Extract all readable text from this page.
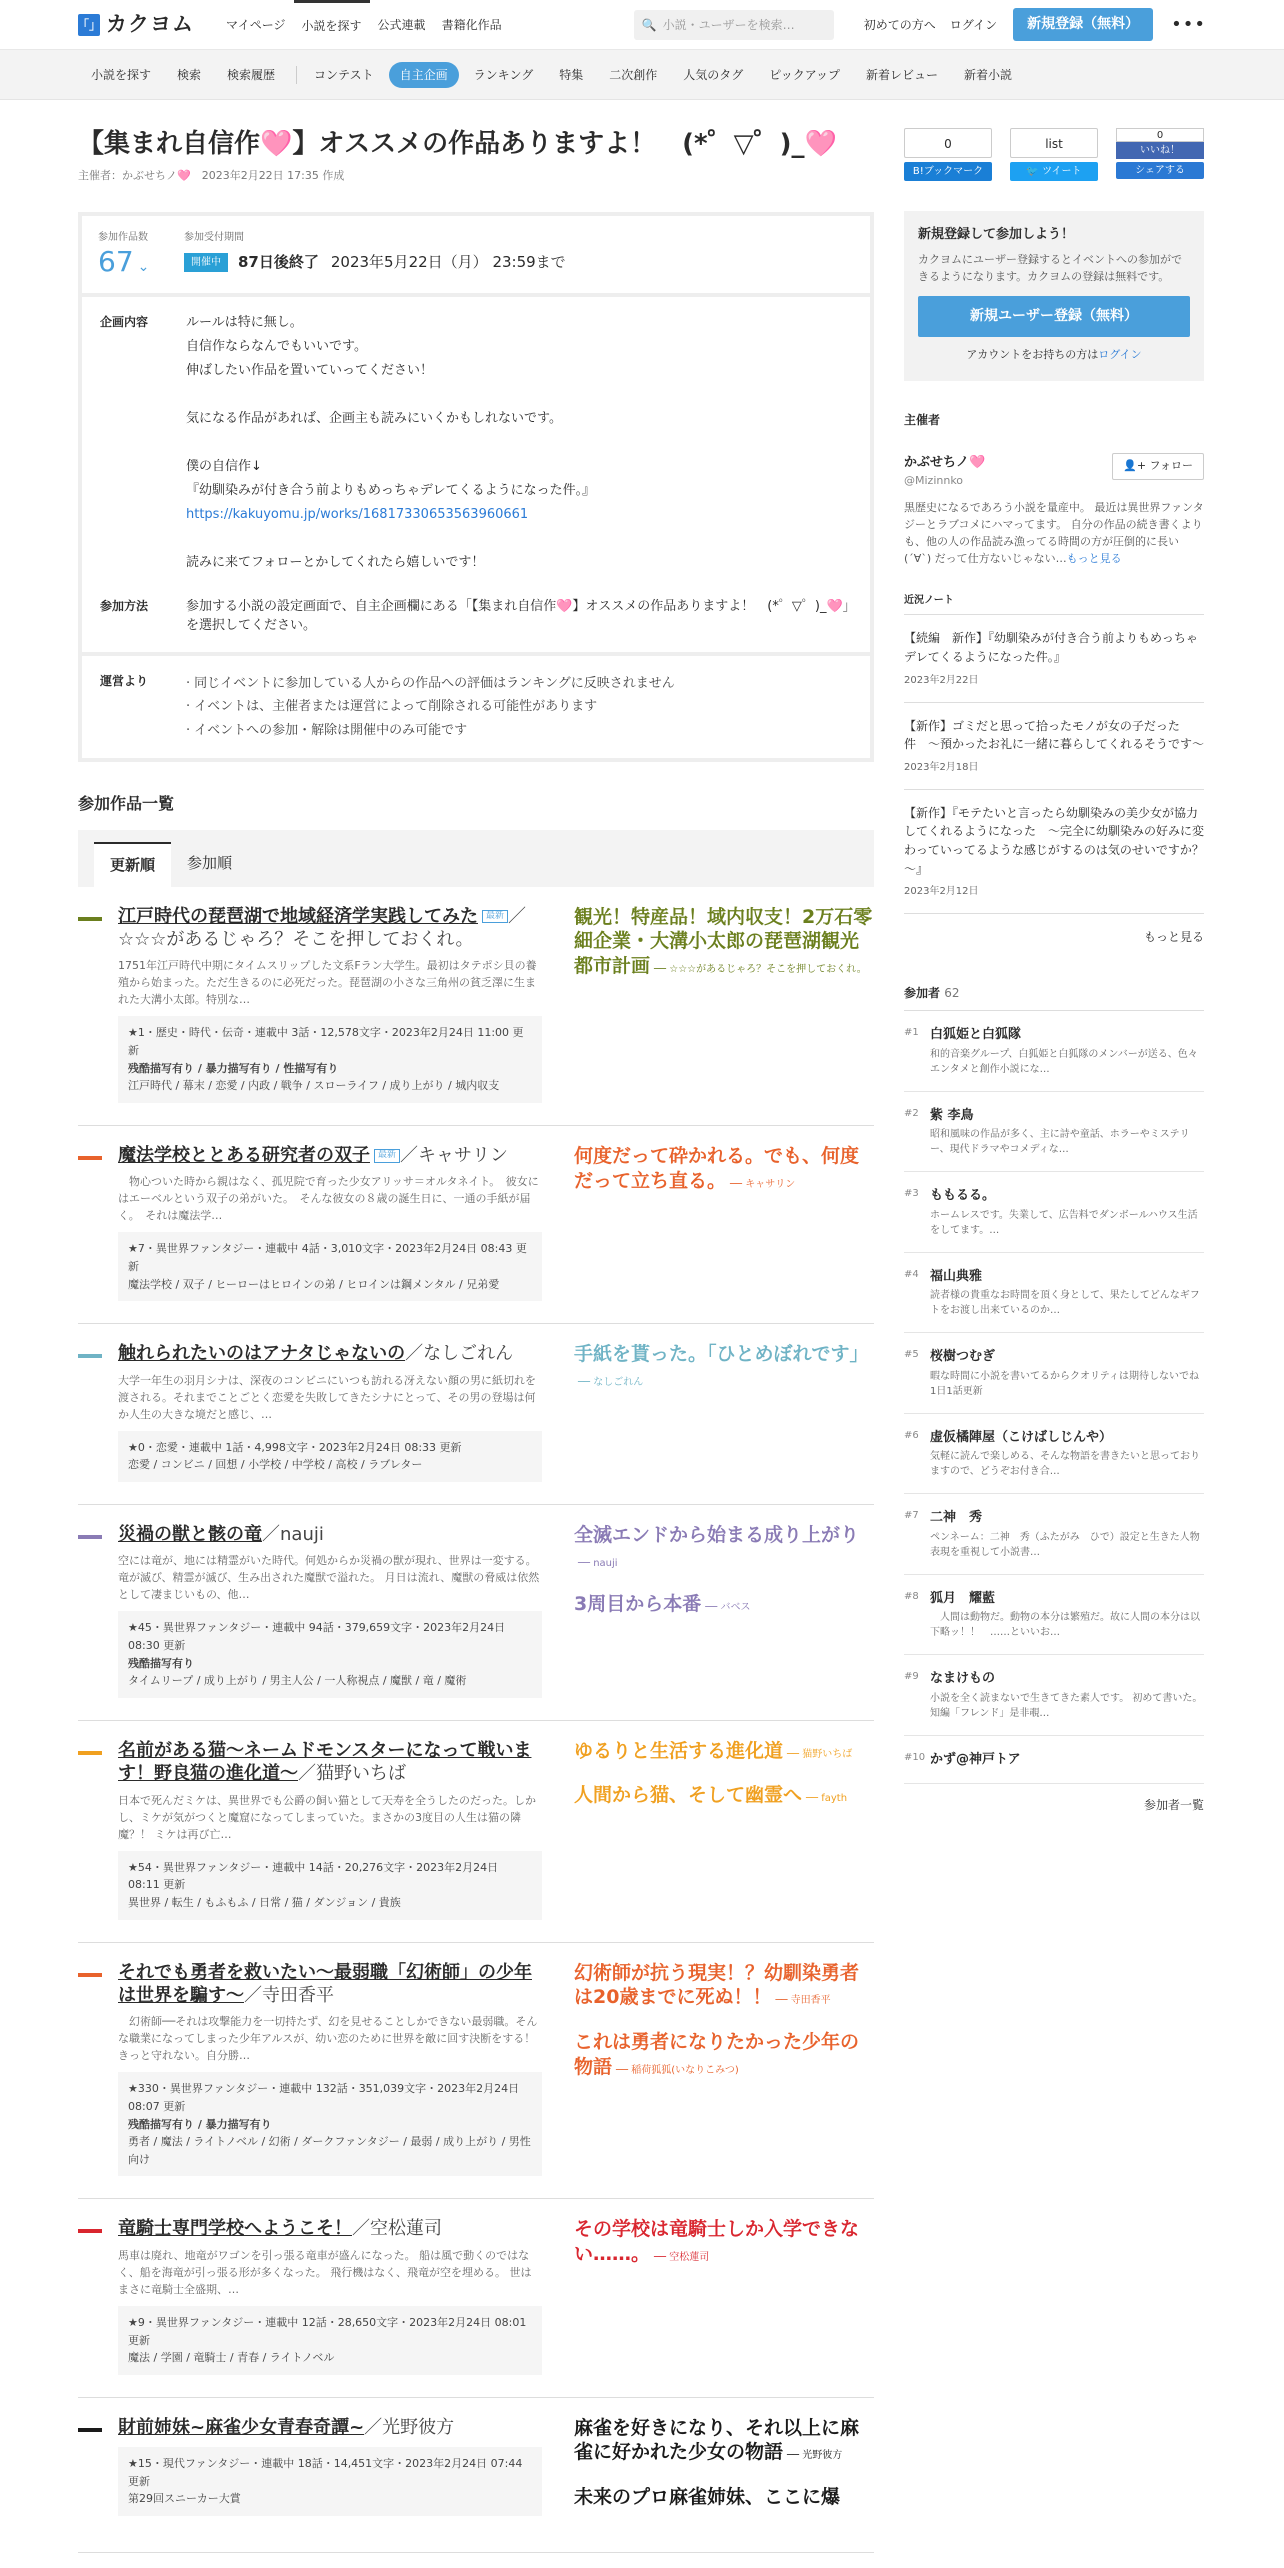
「」 カクヨム	マイページ	小説を探す	公式連載	書籍化作品	🔍 小説・ユーザーを検索…	初めての方へ ログイン	新規登録（無料）	•••
小説を探す	検索	検索履歴	コンテスト	自主企画	ランキング	特集	二次創作	人気のタグ	ピックアップ	新着レビュー	新着小説
【集まれ自信作🩷】オススメの作品ありますよ！　(*゜▽゜)_🩷
主催者：かぶせちノ🩷　2023年2月22日 17:35 作成
参加作品数
67 ⌄
参加受付期間
開催中	87日後終了 2023年5月22日（月） 23:59まで
企画内容	ルールは特に無し。

自信作ならなんでもいいです。

伸ばしたい作品を置いていってください！

気になる作品があれば、企画主も読みにいくかもしれないです。

僕の自信作↓

『幼馴染みが付き合う前よりもめっちゃデレてくるようになった件。』

https://kakuyomu.jp/works/16817330653563960661

読みに来てフォローとかしてくれたら嬉しいです！

参加方法	参加する小説の設定画面で、自主企画欄にある「【集まれ自信作🩷】オススメの作品ありますよ！　(*゜▽゜)_🩷」を選択してください。
運営より
·	同じイベントに参加している人からの作品への評価はランキングに反映されません
· イベントは、主催者または運営によって削除される可能性があります
· イベントへの参加・解除は開催中のみ可能です
参加作品一覧
更新順	参加順
江戸時代の琵琶湖で地域経済学実践してみた 最新 ／☆☆☆があるじゃろ？そこを押しておくれ。
1751年江戸時代中期にタイムスリップした文系Fラン大学生。最初はタテポシ貝の養殖から始まった。ただ生きるのに必死だった。琵琶湖の小さな三角州の貧乏澤に生まれた大溝小太郎。特別な…
★1・歴史・時代・伝奇・連載中 3話・12,578文字・2023年2月24日 11:00 更新
残酷描写有り / 暴力描写有り / 性描写有り
江戸時代 / 幕末 / 恋愛 / 内政 / 戦争 / スローライフ / 成り上がり / 城内収支
観光！特産品！域内収支！2万石零細企業・大溝小太郎の琵琶湖観光都市計画 ── ☆☆☆があるじゃろ？そこを押しておくれ。
魔法学校ととある研究者の双子 最新 ／キャサリン
　物心ついた時から親はなく、孤児院で育った少女アリッサ＝オルタネイト。　彼女にはエーベルという双子の弟がいた。　そんな彼女の８歳の誕生日に、一通の手紙が届く。　それは魔法学…
★7・異世界ファンタジー・連載中 4話・3,010文字・2023年2月24日 08:43 更新
魔法学校 / 双子 / ヒーローはヒロインの弟 / ヒロインは鋼メンタル / 兄弟愛
何度だって砕かれる。でも、何度だって立ち直る。 ── キャサリン
触れられたいのはアナタじゃないの／なしごれん
大学一年生の羽月シナは、深夜のコンビニにいつも訪れる冴えない顔の男に紙切れを渡される。それまでことごとく恋愛を失敗してきたシナにとって、その男の登場は何か人生の大きな境だと感じ、…
★0・恋愛・連載中 1話・4,998文字・2023年2月24日 08:33 更新
恋愛 / コンビニ / 回想 / 小学校 / 中学校 / 高校 / ラブレター
手紙を貰った。「ひとめぼれです」── なしごれん
災禍の獣と骸の竜／nauji
空には竜が、地には精霊がいた時代。何処からか災禍の獣が現れ、世界は一変する。竜が滅び、精霊が滅び、生み出された魔獣で溢れた。 月日は流れ、魔獣の脅威は依然として凄まじいもの、他…
★45・異世界ファンタジー・連載中 94話・379,659文字・2023年2月24日 08:30 更新
残酷描写有り
タイムリープ / 成り上がり / 男主人公 / 一人称視点 / 魔獣 / 竜 / 魔術
全滅エンドから始まる成り上がり── nauji
3周目から本番 ── バベス
名前がある猫〜ネームドモンスターになって戦います！野良猫の進化道〜／猫野いちば
日本で死んだミケは、異世界でも公爵の飼い猫として天寿を全うしたのだった。しかし、ミケが気がつくと魔窟になってしまっていた。まさかの3度目の人生は猫の隣魔？！ ミケは再び亡…
★54・異世界ファンタジー・連載中 14話・20,276文字・2023年2月24日 08:11 更新
異世界 / 転生 / もふもふ / 日常 / 猫 / ダンジョン / 貴族
ゆるりと生活する進化道 ── 猫野いちば
人間から猫、そして幽霊へ ── fayth
それでも勇者を救いたい～最弱職「幻術師」の少年は世界を騙す～／寺田香平
　幻術師──それは攻撃能力を一切持たず、幻を見せることしかできない最弱職。そんな職業になってしまった少年アルスが、幼い恋のために世界を敵に回す決断をする！　きっと守れない。自分勝…
★330・異世界ファンタジー・連載中 132話・351,039文字・2023年2月24日 08:07 更新
残酷描写有り / 暴力描写有り
勇者 / 魔法 / ライトノベル / 幻術 / ダークファンタジー / 最弱 / 成り上がり / 男性向け
幻術師が抗う現実！？幼馴染勇者は20歳までに死ぬ！！ ── 寺田香平
これは勇者になりたかった少年の物語 ── 稲荷狐狐(いなりこみつ)
竜騎士専門学校へようこそ！／空松蓮司
馬車は廃れ、地竜がワゴンを引っ張る竜車が盛んになった。 船は風で動くのではなく、船を海竜が引っ張る形が多くなった。 飛行機はなく、飛竜が空を埋める。 世はまさに竜騎士全盛期、…
★9・異世界ファンタジー・連載中 12話・28,650文字・2023年2月24日 08:01 更新
魔法 / 学園 / 竜騎士 / 青春 / ライトノベル
その学校は竜騎士しか入学できない……。 ── 空松蓮司
財前姉妹~麻雀少女青春奇譚~／光野彼方
★15・現代ファンタジー・連載中 18話・14,451文字・2023年2月24日 07:44 更新
第29回スニーカー大賞
麻雀を好きになり、それ以上に麻雀に好かれた少女の物語 ── 光野彼方
未来のプロ麻雀姉妹、ここに爆
0
B!ブックマーク
list
🐦 ツイート
0
いいね！
シェアする
新規登録して参加しよう！

カクヨムにユーザー登録するとイベントへの参加ができるようになります。カクヨムの登録は無料です。

新規ユーザー登録（無料）
アカウントをお持ちの方はログイン
主催者
かぶせちノ🩷
@Mizinnko
👤+ フォロー
黒歴史になるであろう小説を量産中。 最近は異世界ファンタジーとラブコメにハマってます。 自分の作品の続き書くよりも、他の人の作品読み漁ってる時間の方が圧倒的に長い(´∀`) だって仕方ないじゃない…もっと見る
近況ノート
【続編　新作】『幼馴染みが付き合う前よりもめっちゃデレてくるようになった件。』
2023年2月22日
【新作】ゴミだと思って拾ったモノが女の子だった件　〜預かったお礼に一緒に暮らしてくれるそうです〜
2023年2月18日
【新作】『モテたいと言ったら幼馴染みの美少女が協力してくれるようになった　～完全に幼馴染みの好みに変わっていってるような感じがするのは気のせいですか？～』
2023年2月12日
もっと見る
参加者 62
#1 白狐姫と白狐隊
和的音楽グループ、白狐姫と白狐隊のメンバーが送る、色々エンタメと創作小説にな…
#2 紫 李鳥
昭和風味の作品が多く、主に詩や童話、ホラーやミステリー、現代ドラマやコメディな…
#3 ももるる。
ホームレスです。失業して、広告料でダンボールハウス生活をしてます。…
#4 福山典雅
読者様の貴重なお時間を頂く身として、果たしてどんなギフトをお渡し出来ているのか…
#5 桜樹つむぎ
暇な時間に小説を書いてるからクオリティは期待しないでね 1日1話更新
#6 虚仮橘陣屋（こけばしじんや）
気軽に読んで楽しめる、そんな物語を書きたいと思っておりますので、どうぞお付き合…
#7 二神　秀
ペンネーム：二神　秀（ふたがみ　ひで）設定と生きた人物表現を重視して小説書…
#8 狐月　耀藍
　人間は動物だ。動物の本分は繁殖だ。故に人間の本分は以下略ッ！！　……といいお…
#9 なまけもの
小説を全く読まないで生きてきた素人です。 初めて書いた。知編「フレンド」是非覗…
#10 かず@神戸トア
参加者一覧
